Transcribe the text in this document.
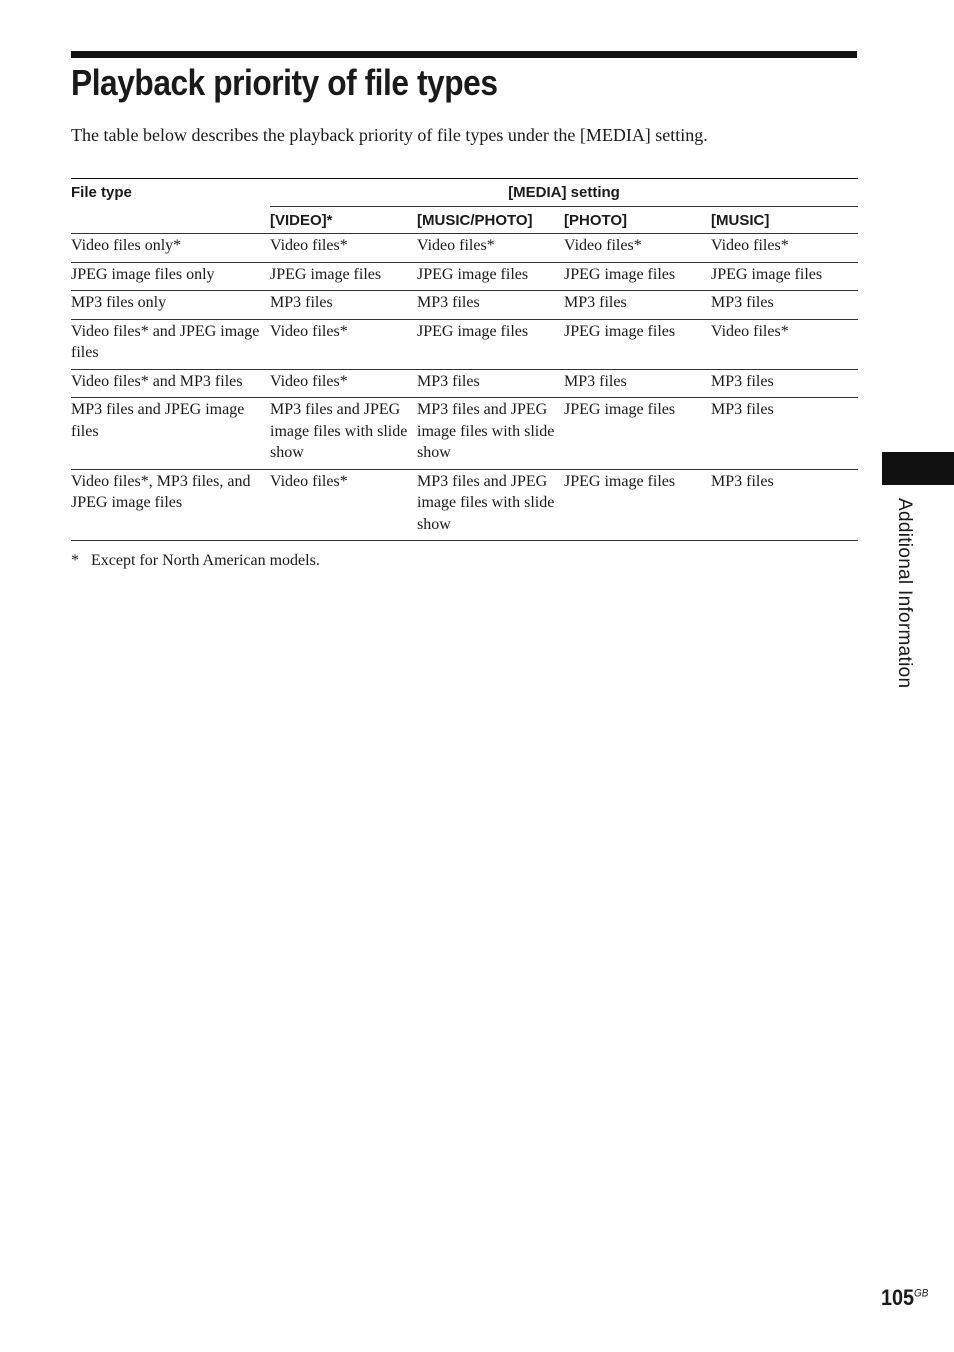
Playback priority of file types

The table below describes the playback priority of file types under the [MEDIA] setting.

File type	[MEDIA] setting			
	[VIDEO]*	[MUSIC/PHOTO]	[PHOTO]	[MUSIC]
Video files only*	Video files*	Video files*	Video files*	Video files*
JPEG image files only	JPEG image files	JPEG image files	JPEG image files	JPEG image files
MP3 files only	MP3 files	MP3 files	MP3 files	MP3 files
Video files* and JPEG image files	Video files*	JPEG image files	JPEG image files	Video files*
Video files* and MP3 files	Video files*	MP3 files	MP3 files	MP3 files
MP3 files and JPEG image files	MP3 files and JPEG image files with slide show	MP3 files and JPEG image files with slide show	JPEG image files	MP3 files
Video files*, MP3 files, and JPEG image files	Video files*	MP3 files and JPEG image files with slide show	JPEG image files	MP3 files

* Except for North American models.	Additional Information
$105^{GB}$
